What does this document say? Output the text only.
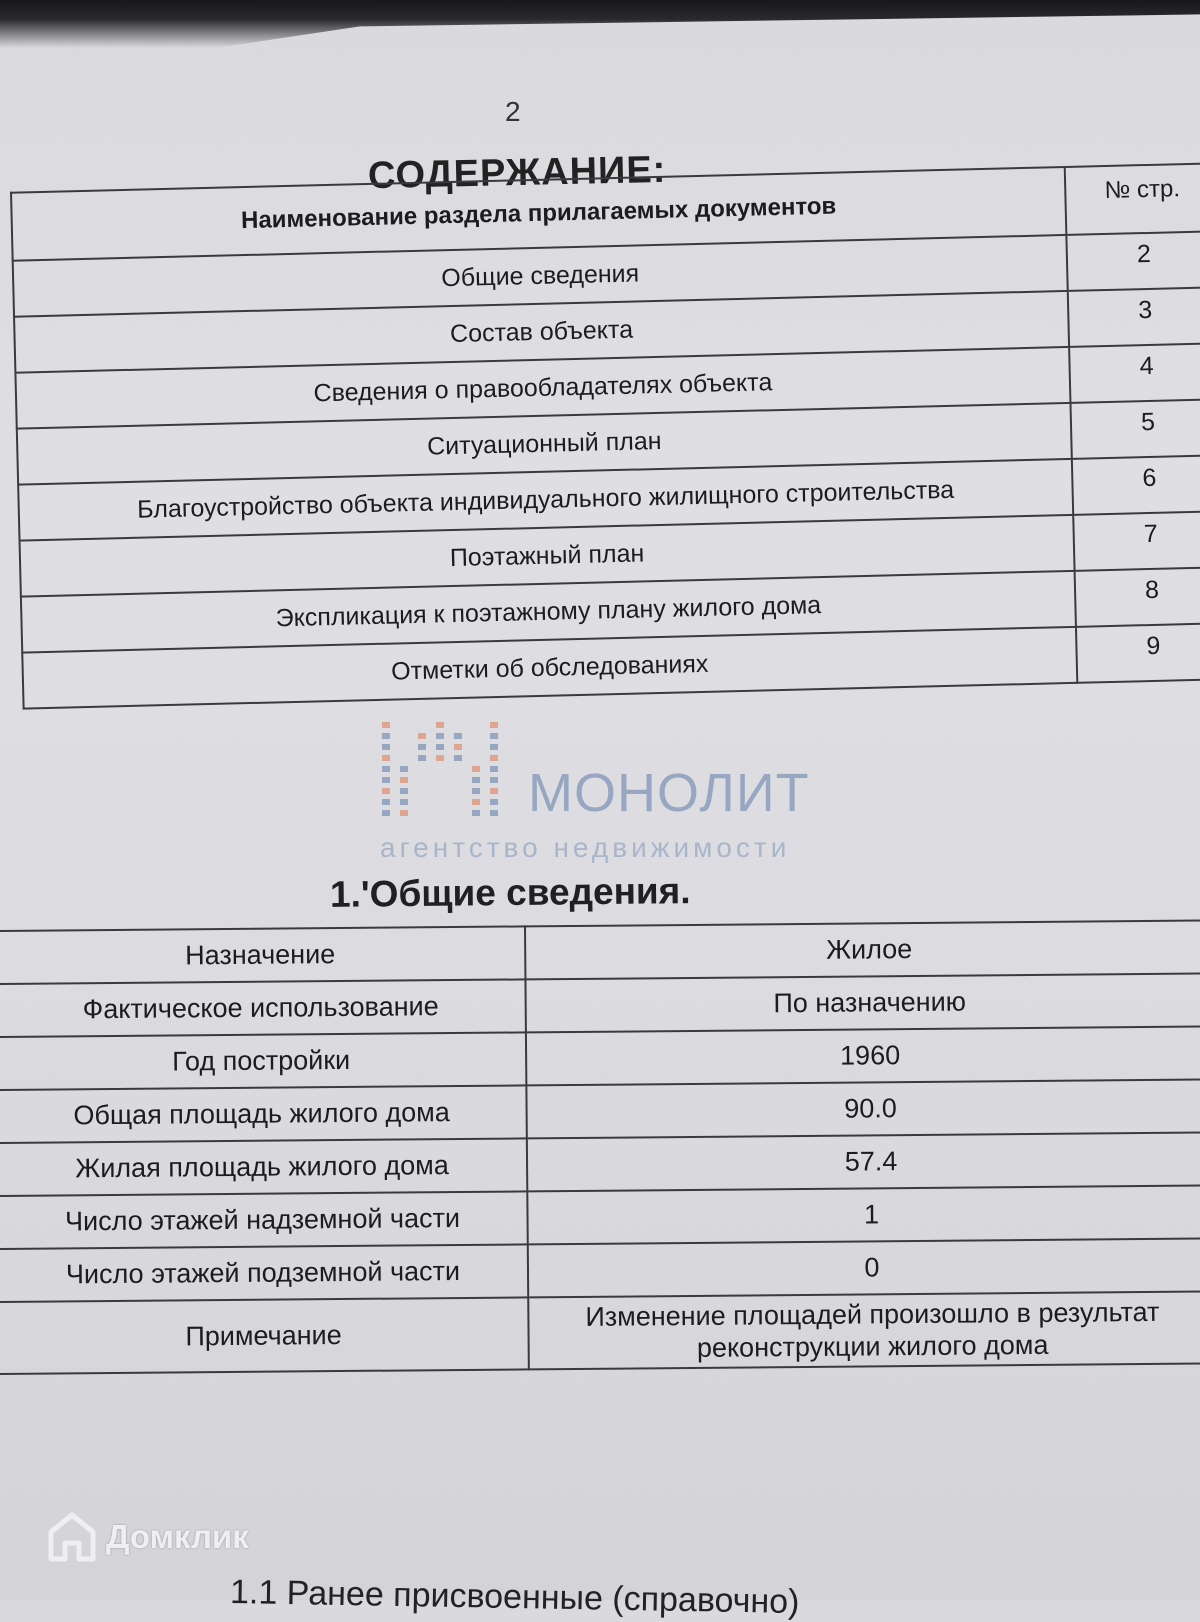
2
СОДЕРЖАНИЕ:
Наименование раздела прилагаемых документов	№ стр.
Общие сведения	2
Состав объекта	3
Сведения о правообладателях объекта	4
Ситуационный план	5
Благоустройство объекта индивидуального жилищного строительства	6
Поэтажный план	7
Экспликация к поэтажному плану жилого дома	8
Отметки об обследованиях	9
МОНОЛИТ
агентство недвижимости
1.'Общие сведения.
Назначение	Жилое
Фактическое использование	По назначению
Год постройки	1960
Общая площадь жилого дома	90.0
Жилая площадь жилого дома	57.4
Число этажей надземной части	1
Число этажей подземной части	0
Примечание	Изменение площадей произошло в результат
реконструкции жилого дома
Домклик
1.1 Ранее присвоенные (справочно)
